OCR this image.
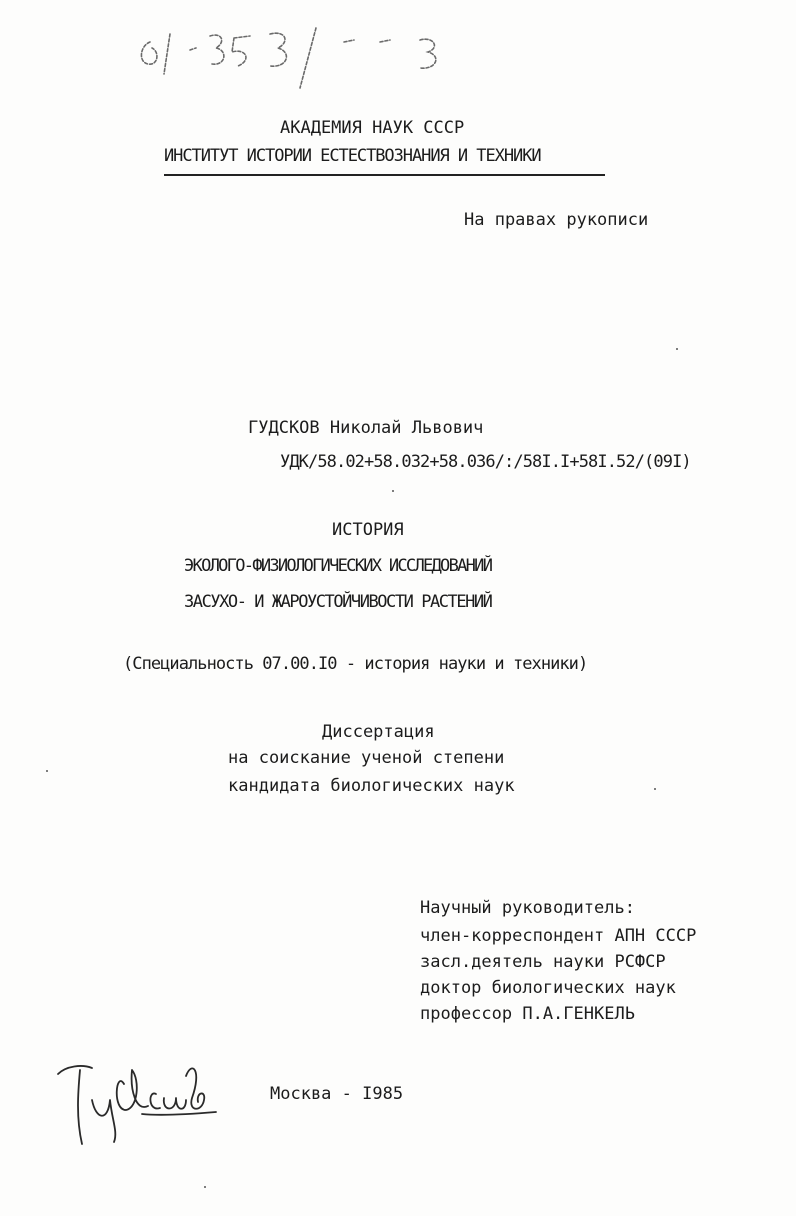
АКАДЕМИЯ НАУК СССР
ИНСТИТУТ ИСТОРИИ ЕСТЕСТВОЗНАНИЯ И ТЕХНИКИ
На правах рукописи
ГУДСКОВ Николай Львович
УДК/58.02+58.032+58.036/:/58I.I+58I.52/(09I)
ИСТОРИЯ
ЭКОЛОГО-ФИЗИОЛОГИЧЕСКИХ ИССЛЕДОВАНИЙ
ЗАСУХО- И ЖАРОУСТОЙЧИВОСТИ РАСТЕНИЙ
(Специальность 07.00.I0 - история науки и техники)
Диссертация
на соискание ученой степени
кандидата биологических наук
Научный руководитель:
член-корреспондент АПН СССР
засл.деятель науки РСФСР
доктор биологических наук
профессор П.А.ГЕНКЕЛЬ
Москва - I985
